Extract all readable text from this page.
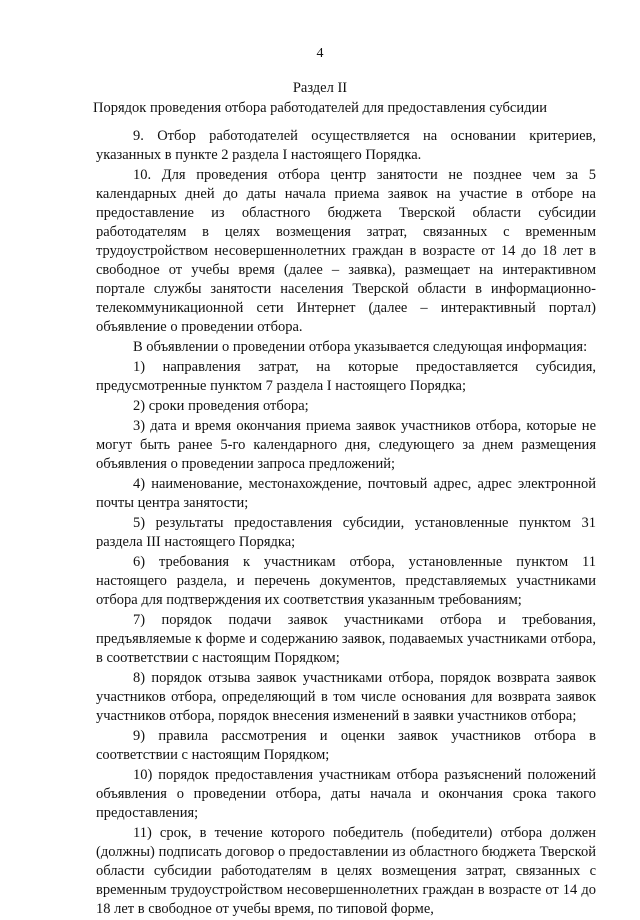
4
Раздел II
Порядок проведения отбора работодателей для предоставления субсидии

9. Отбор работодателей осуществляется на основании критериев, указанных в пункте 2 раздела I настоящего Порядка.

10. Для проведения отбора центр занятости не позднее чем за 5 календарных дней до даты начала приема заявок на участие в отборе на предоставление из областного бюджета Тверской области субсидии работодателям в целях возмещения затрат, связанных с временным трудоустройством несовершеннолетних граждан в возрасте от 14 до 18 лет в свободное от учебы время (далее – заявка), размещает на интерактивном портале службы занятости населения Тверской области в информационно-телекоммуникационной сети Интернет (далее – интерактивный портал) объявление о проведении отбора.

В объявлении о проведении отбора указывается следующая информация:

1) направления затрат, на которые предоставляется субсидия, предусмотренные пунктом 7 раздела I настоящего Порядка;

2) сроки проведения отбора;

3) дата и время окончания приема заявок участников отбора, которые не могут быть ранее 5-го календарного дня, следующего за днем размещения объявления о проведении запроса предложений;

4) наименование, местонахождение, почтовый адрес, адрес электронной почты центра занятости;

5) результаты предоставления субсидии, установленные пунктом 31 раздела III настоящего Порядка;

6) требования к участникам отбора, установленные пунктом 11 настоящего раздела, и перечень документов, представляемых участниками отбора для подтверждения их соответствия указанным требованиям;

7) порядок подачи заявок участниками отбора и требования, предъявляемые к форме и содержанию заявок, подаваемых участниками отбора, в соответствии с настоящим Порядком;

8) порядок отзыва заявок участниками отбора, порядок возврата заявок участников отбора, определяющий в том числе основания для возврата заявок участников отбора, порядок внесения изменений в заявки участников отбора;

9) правила рассмотрения и оценки заявок участников отбора в соответствии с настоящим Порядком;

10) порядок предоставления участникам отбора разъяснений положений объявления о проведении отбора, даты начала и окончания срока такого предоставления;

11) срок, в течение которого победитель (победители) отбора должен (должны) подписать договор о предоставлении из областного бюджета Тверской области субсидии работодателям в целях возмещения затрат, связанных с временным трудоустройством несовершеннолетних граждан в возрасте от 14 до 18 лет в свободное от учебы время, по типовой форме,
